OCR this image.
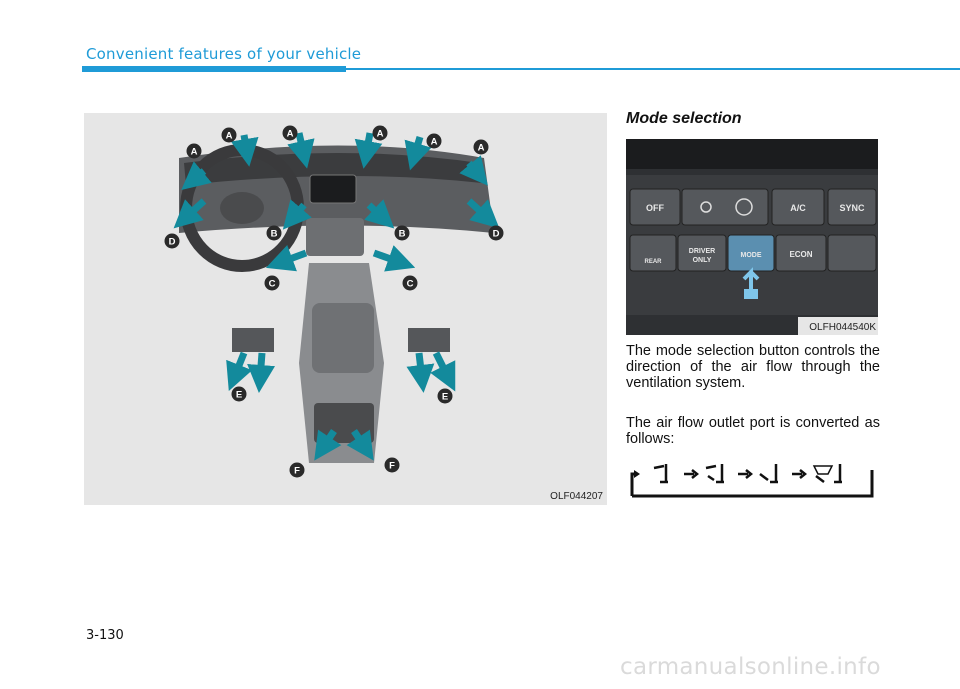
Convenient features of your vehicle
A	A	A
A
A	A
B	B
C	C
D
D
E	E
F	F
OLF044207
Mode selection
OFF	A/C	SYNC
REAR
DRIVER
ONLY
MODE	ECON
OLFH044540K

The mode selection button controls the direction of the air flow through the ventilation system.

The air flow outlet port is converted as follows:

3-130
carmanualsonline.info
